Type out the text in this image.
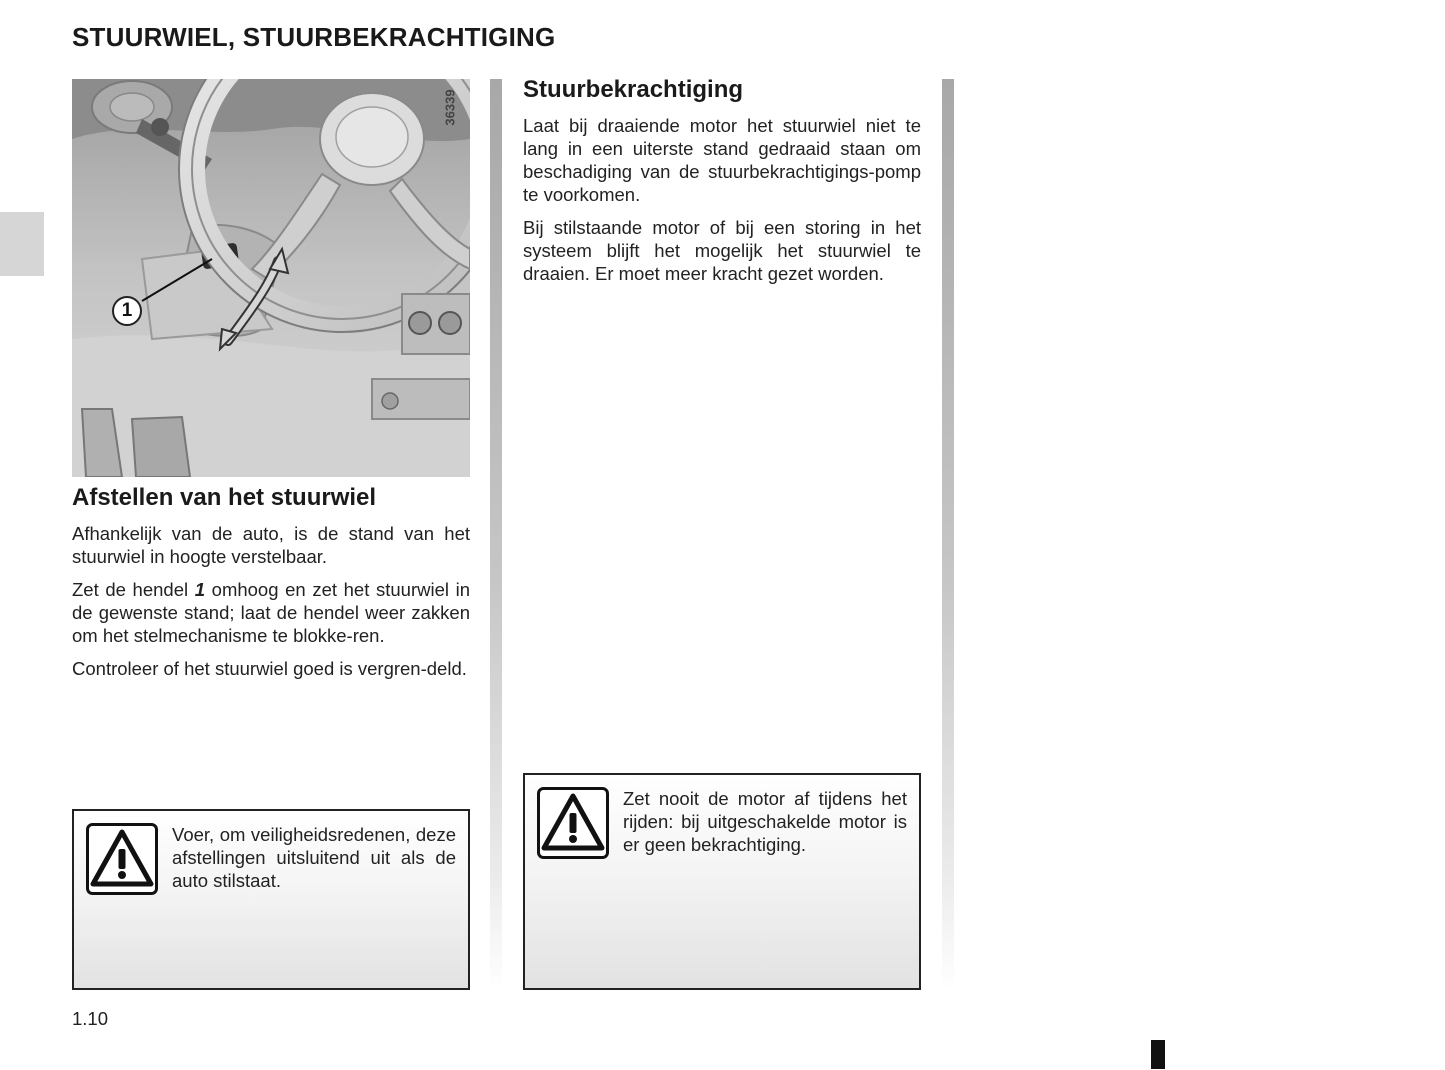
STUURWIEL, STUURBEKRACHTIGING
36339
1
Afstellen van het stuurwiel

Afhankelijk van de auto, is de stand van het stuurwiel in hoogte verstelbaar.

Zet de hendel 1 omhoog en zet het stuurwiel in de gewenste stand; laat de hendel weer zakken om het stelmechanisme te blokke-ren.

Controleer of het stuurwiel goed is vergren-deld.

Voer, om veiligheidsredenen, deze afstellingen uitsluitend uit als de auto stilstaat.

Stuurbekrachtiging

Laat bij draaiende motor het stuurwiel niet te lang in een uiterste stand gedraaid staan om beschadiging van de stuurbekrachtigings-pomp te voorkomen.

Bij stilstaande motor of bij een storing in het systeem blijft het mogelijk het stuurwiel te draaien. Er moet meer kracht gezet worden.

Zet nooit de motor af tijdens het rijden: bij uitgeschakelde motor is er geen bekrachtiging.

1.10
